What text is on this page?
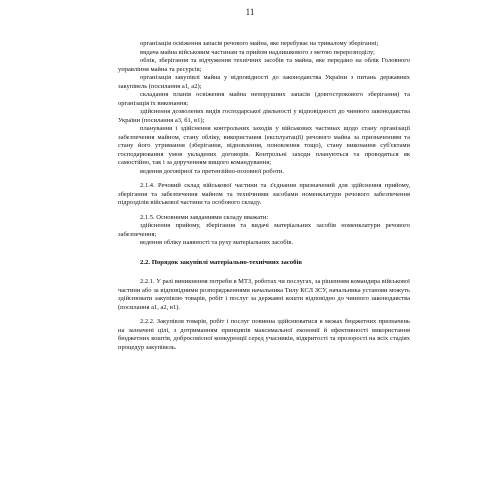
11

організація освіження запасів речового майна, яке перебуває на тривалому зберіганні;

видача майна військовим частинам та прийом надлишкового з метою перерозподілу;

облік, зберігання та відчуження технічних засобів та майна, яке передано на облік Головного управління майна та ресурсів;

організація закупівлі майна у відповідності до законодавства України з питань державних закупівель (посилання а1, а2);

складання планів освіження майна непорушних запасів (довгострокового зберігання) та організація їх виконання;

здійснення дозволених видів господарської діяльності у відповідності до чинного законодавства України (посилання а3, б1, в1);

планування і здійснення контрольних заходів у військових частинах щодо стану організації забезпечення майном, стану обліку, використання (експлуатації) речового майна за призначенням та стану його утримання (зберігання, відновлення, поновлення тощо), стану виконання суб'єктами господарювання умов укладених договорів. Контрольні заходи плануються та проводяться як самостійно, так і за дорученням вищого командування;

ведення договірної та претензійно-позовної роботи.

2.1.4. Речовий склад військової частини та з'єднання призначений для здійснення прийому, зберігання та забезпечення майном та технічними засобами номенклатури речового забезпечення підрозділів військової частини та особового складу.

2.1.5. Основними завданнями складу вважати:

здійснення прийому, зберігання та видачі матеріальних засобів номенклатури речового забезпечення;

ведення обліку наявності та руху матеріальних засобів.

2.2. Порядок закупівлі матеріально-технічних засобів

2.2.1. У разі виникнення потреби в МТЗ, роботах чи послугах, за рішенням командира військової частини або за відповідними розпорядженнями начальника Тилу КСЛ ЗСУ, начальника установи можуть здійснювати закупівлю товарів, робіт і послуг за державні кошти відповідно до чинного законодавства (посилання а1, а2, в1).

2.2.2. Закупівля товарів, робіт і послуг повинна здійснюватися в межах бюджетних призначень на зазначені цілі, з дотриманням принципів максимальної економії й ефективності використання бюджетних коштів, добросовісної конкуренції серед учасників, відкритості та прозорості на всіх стадіях процедур закупівель.
